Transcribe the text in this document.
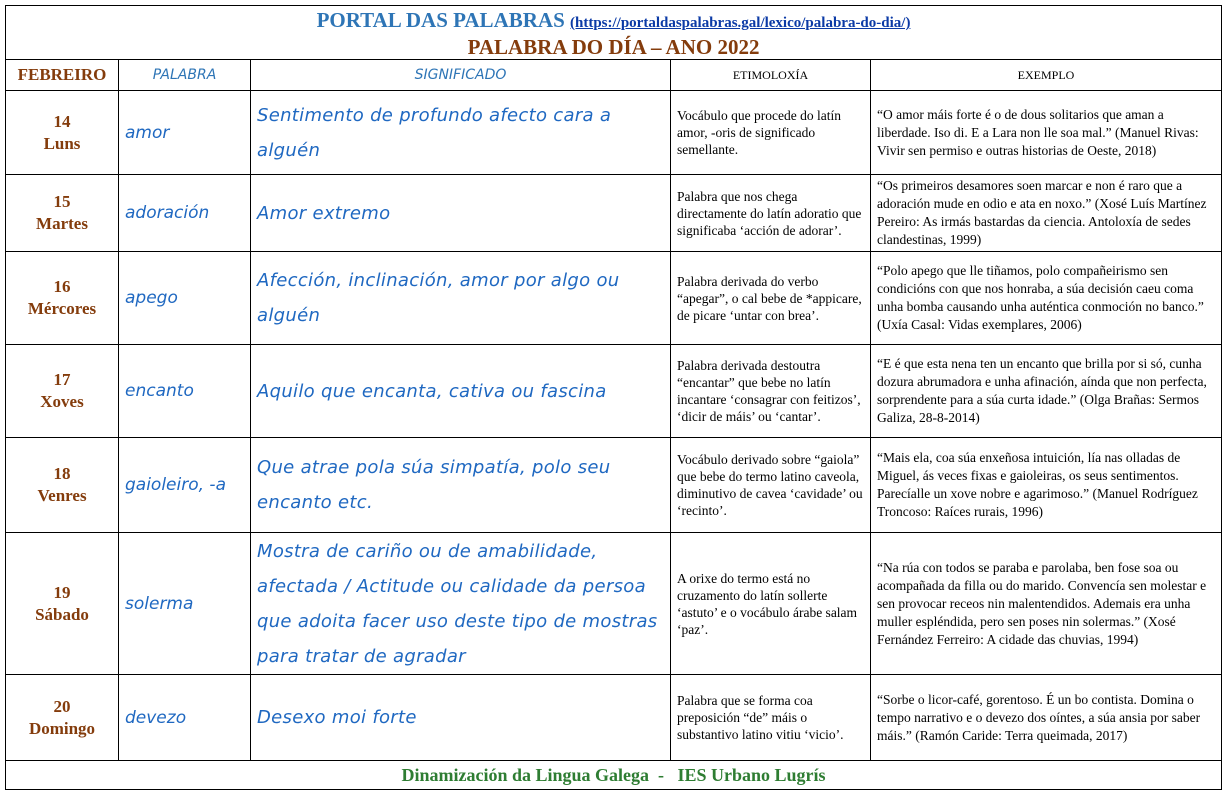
PORTAL DAS PALABRAS (https://portaldaspalabras.gal/lexico/palabra-do-dia/)
PALABRA DO DÍA – ANO 2022				

FEBREIRO	PALABRA	SIGNIFICADO	ETIMOLOXÍA	EXEMPLO

14
Luns	amor	Sentimento de profundo afecto cara a alguén	Vocábulo que procede do latín amor, -oris de significado semellante.	“O amor máis forte é o de dous solitarios que aman a liberdade. Iso di. E a Lara non lle soa mal.” (Manuel Rivas: Vivir sen permiso e outras historias de Oeste, 2018)

15
Martes	adoración	Amor extremo	Palabra que nos chega directamente do latín adoratio que significaba ‘acción de adorar’.	“Os primeiros desamores soen marcar e non é raro que a adoración mude en odio e ata en noxo.” (Xosé Luís Martínez Pereiro: As irmás bastardas da ciencia. Antoloxía de sedes clandestinas, 1999)

16
Mércores	apego	Afección, inclinación, amor por algo ou alguén	Palabra derivada do verbo “apegar”, o cal bebe de *appicare, de picare ‘untar con brea’.	“Polo apego que lle tiñamos, polo compañeirismo sen condicións con que nos honraba, a súa decisión caeu coma unha bomba causando unha auténtica conmoción no banco.” (Uxía Casal: Vidas exemplares, 2006)

17
Xoves	encanto	Aquilo que encanta, cativa ou fascina	Palabra derivada destoutra “encantar” que bebe no latín incantare ‘consagrar con feitizos’, ‘dicir de máis’ ou ‘cantar’.	“E é que esta nena ten un encanto que brilla por si só, cunha dozura abrumadora e unha afinación, aínda que non perfecta, sorprendente para a súa curta idade.” (Olga Brañas: Sermos Galiza, 28-8-2014)

18
Venres	gaioleiro, -a	Que atrae pola súa simpatía, polo seu encanto etc.	Vocábulo derivado sobre “gaiola” que bebe do termo latino caveola, diminutivo de cavea ‘cavidade’ ou ‘recinto’.	“Mais ela, coa súa enxeñosa intuición, lía nas olladas de Miguel, ás veces fixas e gaioleiras, os seus sentimentos. Parecíalle un xove nobre e agarimoso.” (Manuel Rodríguez Troncoso: Raíces rurais, 1996)

19
Sábado	solerma	Mostra de cariño ou de amabilidade, afectada / Actitude ou calidade da persoa que adoita facer uso deste tipo de mostras para tratar de agradar	A orixe do termo está no cruzamento do latín sollerte ‘astuto’ e o vocábulo árabe salam ‘paz’.	“Na rúa con todos se paraba e parolaba, ben fose soa ou acompañada da filla ou do marido. Convencía sen molestar e sen provocar receos nin malentendidos. Ademais era unha muller espléndida, pero sen poses nin solermas.” (Xosé Fernández Ferreiro: A cidade das chuvias, 1994)

20
Domingo	devezo	Desexo moi forte	Palabra que se forma coa preposición “de” máis o substantivo latino vitiu ‘vicio’.	“Sorbe o licor-café, gorentoso. É un bo contista. Domina o tempo narrativo e o devezo dos oíntes, a súa ansia por saber máis.” (Ramón Caride: Terra queimada, 2017)
Dinamización da Lingua Galega - IES Urbano Lugrís				
